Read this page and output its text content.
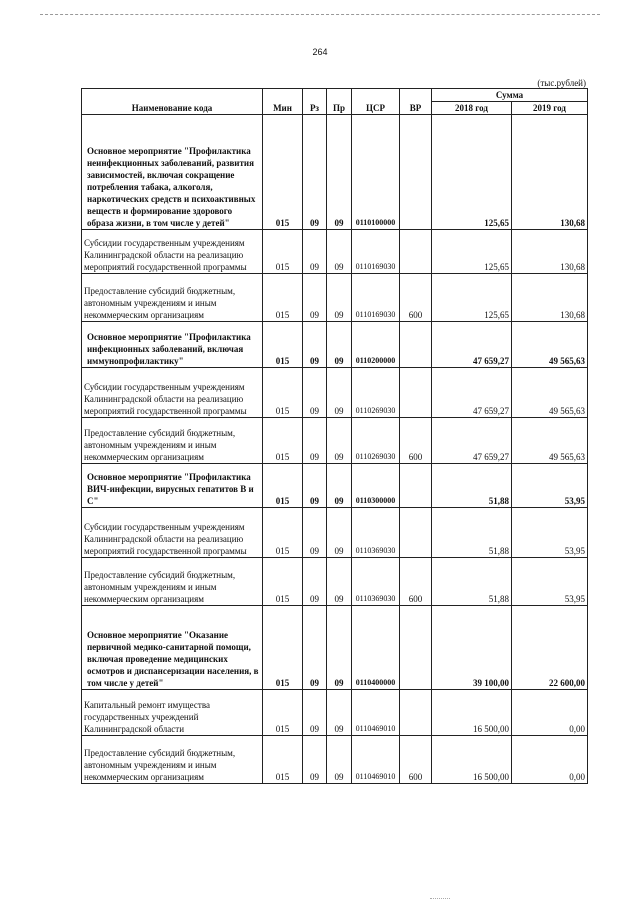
264
(тыс.рублей)
Наименование кода	Мин	Рз	Пр	ЦСР	ВР	Сумма	
						2018 год	2019 год
Основное мероприятие "Профилактика неинфекционных заболеваний, развития зависимостей, включая сокращение потребления табака, алкоголя, наркотических средств и психоактивных веществ и формирование здорового образа жизни, в том числе у детей"	015	09	09	0110100000		125,65	130,68
Субсидии государственным учреждениям Калининградской области на реализацию мероприятий государственной программы	015	09	09	0110169030		125,65	130,68
Предоставление субсидий бюджетным, автономным учреждениям и иным некоммерческим организациям	015	09	09	0110169030	600	125,65	130,68
Основное мероприятие "Профилактика инфекционных заболеваний, включая иммунопрофилактику"	015	09	09	0110200000		47 659,27	49 565,63
Субсидии государственным учреждениям Калининградской области на реализацию мероприятий государственной программы	015	09	09	0110269030		47 659,27	49 565,63
Предоставление субсидий бюджетным, автономным учреждениям и иным некоммерческим организациям	015	09	09	0110269030	600	47 659,27	49 565,63
Основное мероприятие "Профилактика ВИЧ-инфекции, вирусных гепатитов В и С"	015	09	09	0110300000		51,88	53,95
Субсидии государственным учреждениям Калининградской области на реализацию мероприятий государственной программы	015	09	09	0110369030		51,88	53,95
Предоставление субсидий бюджетным, автономным учреждениям и иным некоммерческим организациям	015	09	09	0110369030	600	51,88	53,95
Основное мероприятие "Оказание первичной медико-санитарной помощи, включая проведение медицинских осмотров и диспансеризации населения, в том числе у детей"	015	09	09	0110400000		39 100,00	22 600,00
Капитальный ремонт имущества государственных учреждений Калининградской области	015	09	09	0110469010		16 500,00	0,00
Предоставление субсидий бюджетным, автономным учреждениям и иным некоммерческим организациям	015	09	09	0110469010	600	16 500,00	0,00
